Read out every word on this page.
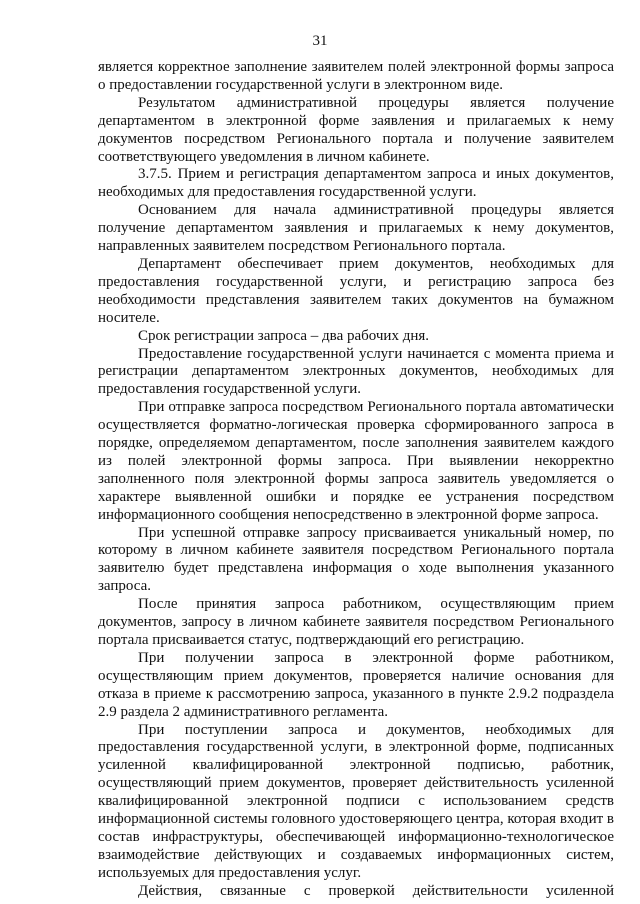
31

является корректное заполнение заявителем полей электронной формы запроса о предоставлении государственной услуги в электронном виде.

Результатом административной процедуры является получение департаментом в электронной форме заявления и прилагаемых к нему документов посредством Регионального портала и получение заявителем соответствующего уведомления в личном кабинете.

3.7.5. Прием и регистрация департаментом запроса и иных документов, необходимых для предоставления государственной услуги.

Основанием для начала административной процедуры является получение департаментом заявления и прилагаемых к нему документов, направленных заявителем посредством Регионального портала.

Департамент обеспечивает прием документов, необходимых для предоставления государственной услуги, и регистрацию запроса без необходимости представления заявителем таких документов на бумажном носителе.

Срок регистрации запроса – два рабочих дня.

Предоставление государственной услуги начинается с момента приема и регистрации департаментом электронных документов, необходимых для предоставления государственной услуги.

При отправке запроса посредством Регионального портала автоматически осуществляется форматно-логическая проверка сформированного запроса в порядке, определяемом департаментом, после заполнения заявителем каждого из полей электронной формы запроса. При выявлении некорректно заполненного поля электронной формы запроса заявитель уведомляется о характере выявленной ошибки и порядке ее устранения посредством информационного сообщения непосредственно в электронной форме запроса.

При успешной отправке запросу присваивается уникальный номер, по которому в личном кабинете заявителя посредством Регионального портала заявителю будет представлена информация о ходе выполнения указанного запроса.

После принятия запроса работником, осуществляющим прием документов, запросу в личном кабинете заявителя посредством Регионального портала присваивается статус, подтверждающий его регистрацию.

При получении запроса в электронной форме работником, осуществляющим прием документов, проверяется наличие основания для отказа в приеме к рассмотрению запроса, указанного в пункте 2.9.2 подраздела 2.9 раздела 2 административного регламента.

При поступлении запроса и документов, необходимых для предоставления государственной услуги, в электронной форме, подписанных усиленной квалифицированной электронной подписью, работник, осуществляющий прием документов, проверяет действительность усиленной квалифицированной электронной подписи с использованием средств информационной системы головного удостоверяющего центра, которая входит в состав инфраструктуры, обеспечивающей информационно-технологическое взаимодействие действующих и создаваемых информационных систем, используемых для предоставления услуг.

Действия, связанные с проверкой действительности усиленной
